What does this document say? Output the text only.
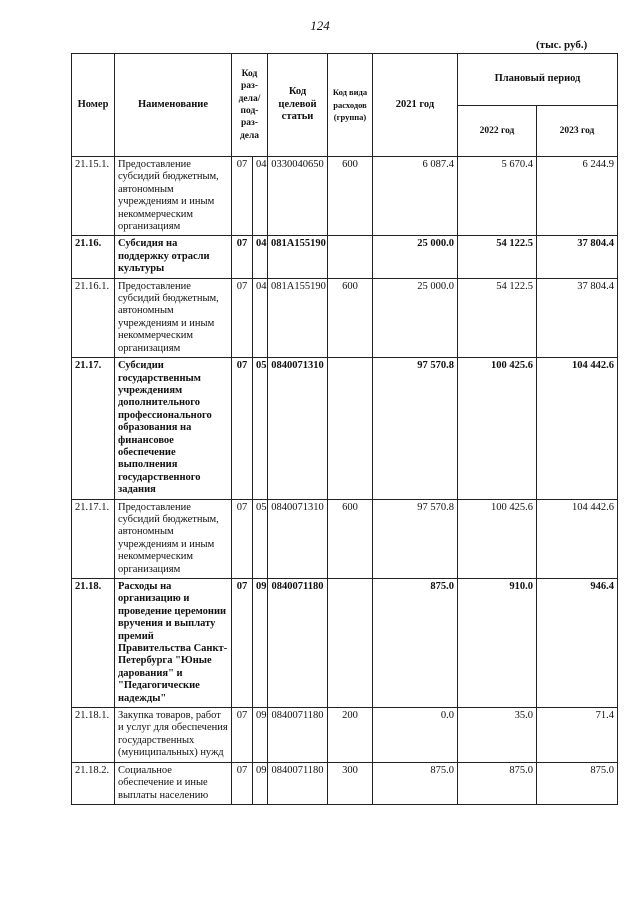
124
(тыс. руб.)
Номер	Наименование	Код раз-дела/ под-раз-дела		Код целевой статьи	Код вида расходов (группа)	2021 год	Плановый период	
							2022 год	2023 год
21.15.1.	Предоставление субсидий бюджетным, автономным учреждениям и иным некоммерческим организациям	07	04	0330040650	600	6 087.4	5 670.4	6 244.9
21.16.	Субсидия на поддержку отрасли культуры	07	04	081А155190		25 000.0	54 122.5	37 804.4
21.16.1.	Предоставление субсидий бюджетным, автономным учреждениям и иным некоммерческим организациям	07	04	081А155190	600	25 000.0	54 122.5	37 804.4
21.17.	Субсидии государственным учреждениям дополнительного профессионального образования на финансовое обеспечение выполнения государственного задания	07	05	0840071310		97 570.8	100 425.6	104 442.6
21.17.1.	Предоставление субсидий бюджетным, автономным учреждениям и иным некоммерческим организациям	07	05	0840071310	600	97 570.8	100 425.6	104 442.6
21.18.	Расходы на организацию и проведение церемонии вручения и выплату премий Правительства Санкт-Петербурга "Юные дарования" и "Педагогические надежды"	07	09	0840071180		875.0	910.0	946.4
21.18.1.	Закупка товаров, работ и услуг для обеспечения государственных (муниципальных) нужд	07	09	0840071180	200	0.0	35.0	71.4
21.18.2.	Социальное обеспечение и иные выплаты населению	07	09	0840071180	300	875.0	875.0	875.0
